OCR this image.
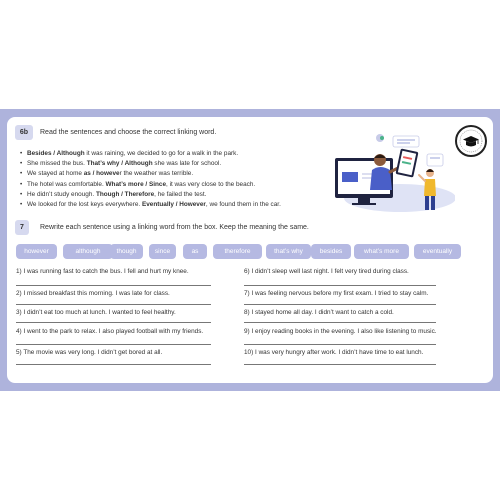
6b	Read the sentences and choose the correct linking word.
• Besides / Although it was raining, we decided to go for a walk in the park.
• She missed the bus. That’s why / Although she was late for school.
• We stayed at home as / however the weather was terrible.
• The hotel was comfortable. What’s more / Since, it was very close to the beach.
• He didn’t study enough. Though / Therefore, he failed the test.
• We looked for the lost keys everywhere. Eventually / However, we found them in the car.
7	Rewrite each sentence using a linking word from the box. Keep the meaning the same.
however	although	though	since	as	therefore	that’s why	besides	what’s more	eventually
1) I was running fast to catch the bus. I fell and hurt my knee.
2) I missed breakfast this morning. I was late for class.
3) I didn’t eat too much at lunch. I wanted to feel healthy.
4) I went to the park to relax. I also played football with my friends.
5) The movie was very long. I didn’t get bored at all.
6) I didn’t sleep well last night. I felt very tired during class.
7) I was feeling nervous before my first exam. I tried to stay calm.
8) I stayed home all day. I didn’t want to catch a cold.
9) I enjoy reading books in the evening. I also like listening to music.
10) I was very hungry after work. I didn’t have time to eat lunch.
